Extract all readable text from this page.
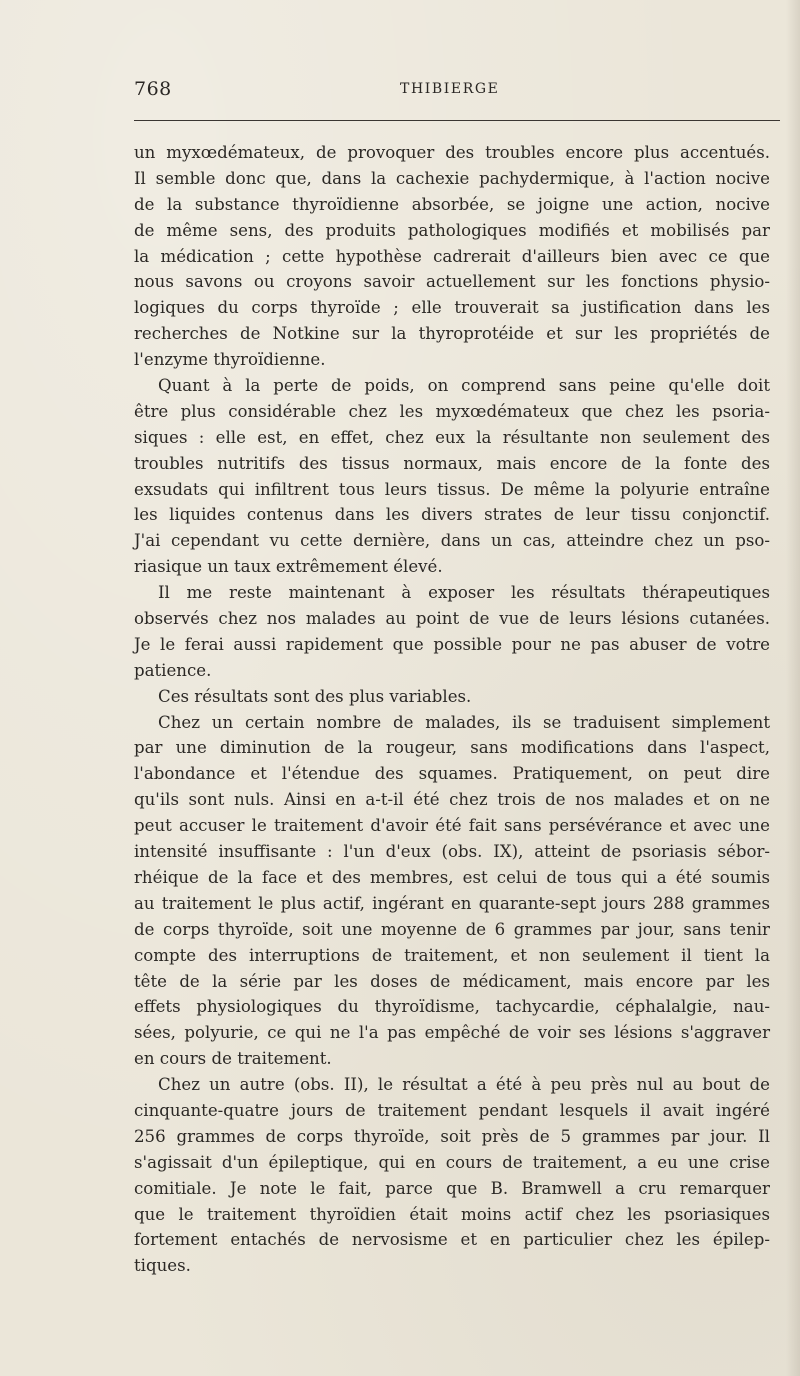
768	THIBIERGE
un myxœdémateux, de provoquer des troubles encore plus accentués.
Il semble donc que, dans la cachexie pachydermique, à l'action nocive
de la substance thyroïdienne absorbée, se joigne une action, nocive
de même sens, des produits pathologiques modifiés et mobilisés par
la médication ; cette hypothèse cadrerait d'ailleurs bien avec ce que
nous savons ou croyons savoir actuellement sur les fonctions physio-
logiques du corps thyroïde ; elle trouverait sa justification dans les
recherches de Notkine sur la thyroprotéide et sur les propriétés de
l'enzyme thyroïdienne.
Quant à la perte de poids, on comprend sans peine qu'elle doit
être plus considérable chez les myxœdémateux que chez les psoria-
siques : elle est, en effet, chez eux la résultante non seulement des
troubles nutritifs des tissus normaux, mais encore de la fonte des
exsudats qui infiltrent tous leurs tissus. De même la polyurie entraîne
les liquides contenus dans les divers strates de leur tissu conjonctif.
J'ai cependant vu cette dernière, dans un cas, atteindre chez un pso-
riasique un taux extrêmement élevé.
Il me reste maintenant à exposer les résultats thérapeutiques
observés chez nos malades au point de vue de leurs lésions cutanées.
Je le ferai aussi rapidement que possible pour ne pas abuser de votre
patience.
Ces résultats sont des plus variables.
Chez un certain nombre de malades, ils se traduisent simplement
par une diminution de la rougeur, sans modifications dans l'aspect,
l'abondance et l'étendue des squames. Pratiquement, on peut dire
qu'ils sont nuls. Ainsi en a-t-il été chez trois de nos malades et on ne
peut accuser le traitement d'avoir été fait sans persévérance et avec une
intensité insuffisante : l'un d'eux (obs. IX), atteint de psoriasis sébor-
rhéique de la face et des membres, est celui de tous qui a été soumis
au traitement le plus actif, ingérant en quarante-sept jours 288 grammes
de corps thyroïde, soit une moyenne de 6 grammes par jour, sans tenir
compte des interruptions de traitement, et non seulement il tient la
tête de la série par les doses de médicament, mais encore par les
effets physiologiques du thyroïdisme, tachycardie, céphalalgie, nau-
sées, polyurie, ce qui ne l'a pas empêché de voir ses lésions s'aggraver
en cours de traitement.
Chez un autre (obs. II), le résultat a été à peu près nul au bout de
cinquante-quatre jours de traitement pendant lesquels il avait ingéré
256 grammes de corps thyroïde, soit près de 5 grammes par jour. Il
s'agissait d'un épileptique, qui en cours de traitement, a eu une crise
comitiale. Je note le fait, parce que B. Bramwell a cru remarquer
que le traitement thyroïdien était moins actif chez les psoriasiques
fortement entachés de nervosisme et en particulier chez les épilep-
tiques.
